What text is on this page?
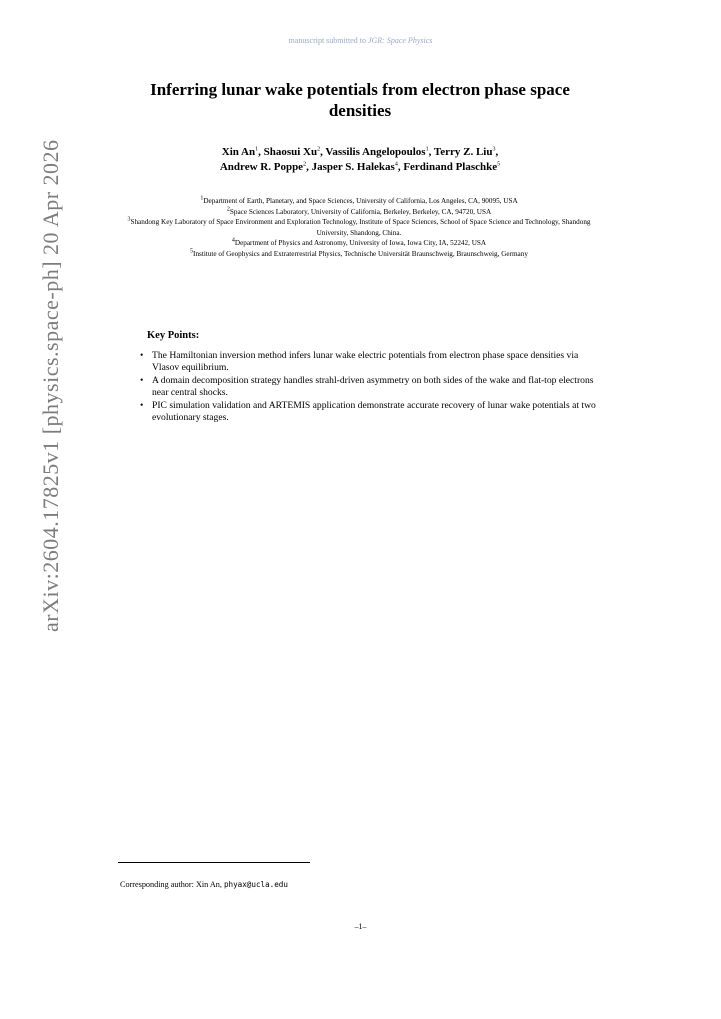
manuscript submitted to JGR: Space Physics
arXiv:2604.17825v1 [physics.space-ph] 20 Apr 2026
Inferring lunar wake potentials from electron phase space densities
Xin An$^1$, Shaosui Xu$^2$, Vassilis Angelopoulos$^1$, Terry Z. Liu$^3$,
Andrew R. Poppe$^2$, Jasper S. Halekas$^4$, Ferdinand Plaschke$^5$
$^1$Department of Earth, Planetary, and Space Sciences, University of California, Los Angeles, CA, 90095, USA
$^2$Space Sciences Laboratory, University of California, Berkeley, Berkeley, CA, 94720, USA
$^3$Shandong Key Laboratory of Space Environment and Exploration Technology, Institute of Space Sciences, School of Space Science and Technology, Shandong University, Shandong, China.
$^4$Department of Physics and Astronomy, University of Iowa, Iowa City, IA, 52242, USA
$^5$Institute of Geophysics and Extraterrestrial Physics, Technische Universität Braunschweig, Braunschweig, Germany
Key Points:
• The Hamiltonian inversion method infers lunar wake electric potentials from electron phase space densities via Vlasov equilibrium.
• A domain decomposition strategy handles strahl-driven asymmetry on both sides of the wake and flat-top electrons near central shocks.
• PIC simulation validation and ARTEMIS application demonstrate accurate recovery of lunar wake potentials at two evolutionary stages.
Corresponding author: Xin An, phyax@ucla.edu
–1–
